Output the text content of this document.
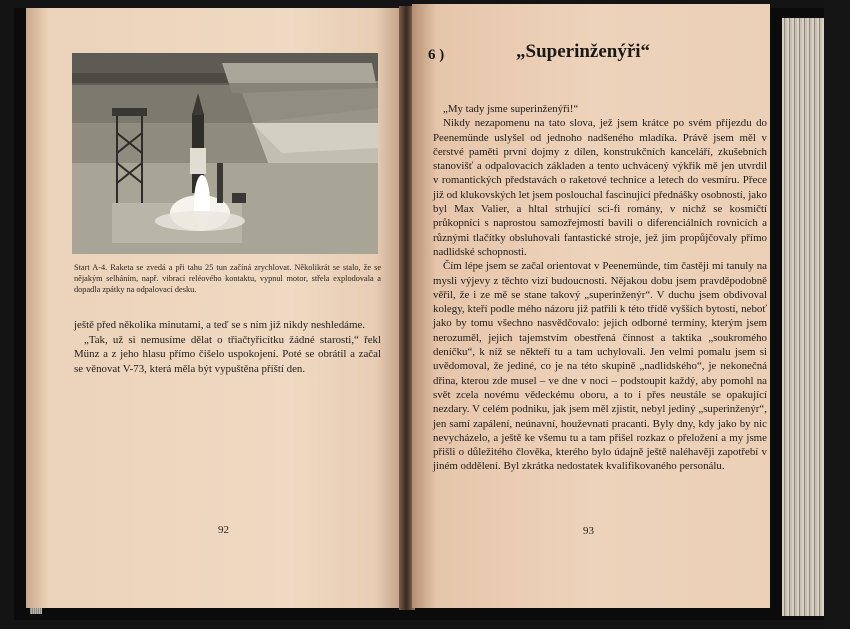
Start A-4. Raketa se zvedá a při tahu 25 tun začíná zrychlovat. Několikrát se stalo, že se nějakým selháním, např. vibrací reléového kontaktu, vypnul motor, střela explodovala a dopadla zpátky na odpalovací desku.

ještě před několika minutami, a teď se s ním již nikdy neshledáme.

„Tak, už si nemusíme dělat o třiačtyřicítku žádné starosti,“ řekl Münz a z jeho hlasu přímo čišelo uspokojení. Poté se obrátil a začal se věnovat V-73, která měla být vypuštěna příští den.

92
6 )	„Superinženýři“

„My tady jsme superinženýři!“

Nikdy nezapomenu na tato slova, jež jsem krátce po svém příjezdu do Peenemünde uslyšel od jednoho nadšeného mladíka. Právě jsem měl v čerstvé paměti první dojmy z dílen, konstrukčních kanceláří, zkušebních stanovišť a odpalovacích základen a tento uchvácený výkřik mě jen utvrdil v romantických představách o raketové technice a letech do vesmíru. Přece již od klukovských let jsem poslouchal fascinující přednášky osobností, jako byl Max Valier, a hltal strhující sci-fi romány, v nichž se kosmičtí průkopníci s naprostou samozřejmostí bavili o diferenciálních rovnicích a různými tlačítky obsluhovali fantastické stroje, jež jim propůjčovaly přímo nadlidské schopnosti.

Čím lépe jsem se začal orientovat v Peenemünde, tím častěji mi tanuly na mysli výjevy z těchto vizí budoucnosti. Nějakou dobu jsem pravděpodobně věřil, že i ze mě se stane takový „superinženýr“. V duchu jsem obdivoval kolegy, kteří podle mého názoru již patřili k této třídě vyšších bytostí, neboť jako by tomu všechno nasvědčovalo: jejich odborné termíny, kterým jsem nerozuměl, jejich tajemstvím obestřená činnost a taktika „soukromého deníčku“, k níž se někteří tu a tam uchylovali. Jen velmi pomalu jsem si uvědomoval, že jediné, co je na této skupině „nadlidského“, je nekonečná dřina, kterou zde musel – ve dne v noci – podstoupit každý, aby pomohl na svět zcela novému vědeckému oboru, a to i přes neustále se opakující nezdary. V celém podniku, jak jsem měl zjistit, nebyl jediný „superinženýr“, jen samí zapálení, neúnavní, houževnatí pracanti. Byly dny, kdy jako by nic nevycházelo, a ještě ke všemu tu a tam přišel rozkaz o přeložení a my jsme přišli o důležitého člověka, kterého bylo údajně ještě naléhavěji zapotřebí v jiném oddělení. Byl zkrátka nedostatek kvalifikovaného personálu.

93
